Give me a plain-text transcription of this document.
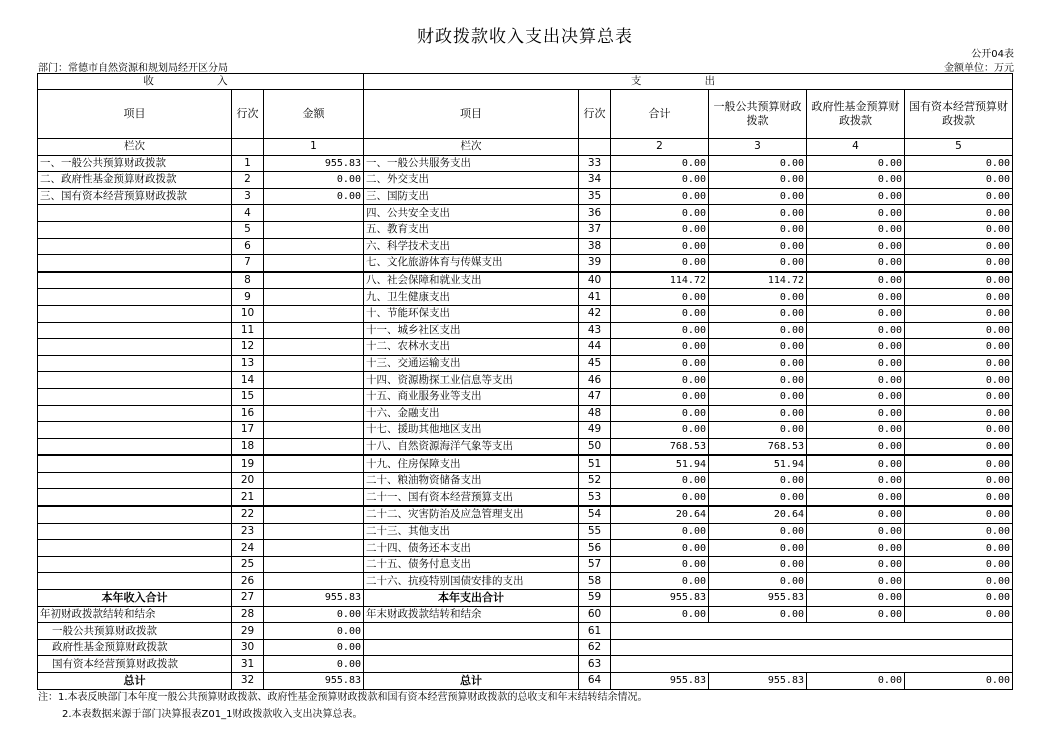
财政拨款收入支出决算总表
公开04表
部门：常德市自然资源和规划局经开区分局	金额单位：万元
收 入			支 出					
项目	行次	金额	项目	行次	合计	一般公共预算财政拨款	政府性基金预算财政拨款	国有资本经营预算财政拨款
栏次		1	栏次		2	3	4	5
一、一般公共预算财政拨款	1	955.83	一、一般公共服务支出	33	0.00	0.00	0.00	0.00
二、政府性基金预算财政拨款	2	0.00	二、外交支出	34	0.00	0.00	0.00	0.00
三、国有资本经营预算财政拨款	3	0.00	三、国防支出	35	0.00	0.00	0.00	0.00
	4		四、公共安全支出	36	0.00	0.00	0.00	0.00
	5		五、教育支出	37	0.00	0.00	0.00	0.00
	6		六、科学技术支出	38	0.00	0.00	0.00	0.00
	7		七、文化旅游体育与传媒支出	39	0.00	0.00	0.00	0.00
	8		八、社会保障和就业支出	40	114.72	114.72	0.00	0.00
	9		九、卫生健康支出	41	0.00	0.00	0.00	0.00
	10		十、节能环保支出	42	0.00	0.00	0.00	0.00
	11		十一、城乡社区支出	43	0.00	0.00	0.00	0.00
	12		十二、农林水支出	44	0.00	0.00	0.00	0.00
	13		十三、交通运输支出	45	0.00	0.00	0.00	0.00
	14		十四、资源勘探工业信息等支出	46	0.00	0.00	0.00	0.00
	15		十五、商业服务业等支出	47	0.00	0.00	0.00	0.00
	16		十六、金融支出	48	0.00	0.00	0.00	0.00
	17		十七、援助其他地区支出	49	0.00	0.00	0.00	0.00
	18		十八、自然资源海洋气象等支出	50	768.53	768.53	0.00	0.00
	19		十九、住房保障支出	51	51.94	51.94	0.00	0.00
	20		二十、粮油物资储备支出	52	0.00	0.00	0.00	0.00
	21		二十一、国有资本经营预算支出	53	0.00	0.00	0.00	0.00
	22		二十二、灾害防治及应急管理支出	54	20.64	20.64	0.00	0.00
	23		二十三、其他支出	55	0.00	0.00	0.00	0.00
	24		二十四、债务还本支出	56	0.00	0.00	0.00	0.00
	25		二十五、债务付息支出	57	0.00	0.00	0.00	0.00
	26		二十六、抗疫特别国债安排的支出	58	0.00	0.00	0.00	0.00
本年收入合计	27	955.83	本年支出合计	59	955.83	955.83	0.00	0.00
年初财政拨款结转和结余	28	0.00	年末财政拨款结转和结余	60	0.00	0.00	0.00	0.00
一般公共预算财政拨款	29	0.00		61				
政府性基金预算财政拨款	30	0.00		62				
国有资本经营预算财政拨款	31	0.00		63				
总计	32	955.83	总计	64	955.83	955.83	0.00	0.00
注：1.本表反映部门本年度一般公共预算财政拨款、政府性基金预算财政拨款和国有资本经营预算财政拨款的总收支和年末结转结余情况。
2.本表数据来源于部门决算报表Z01_1财政拨款收入支出决算总表。
